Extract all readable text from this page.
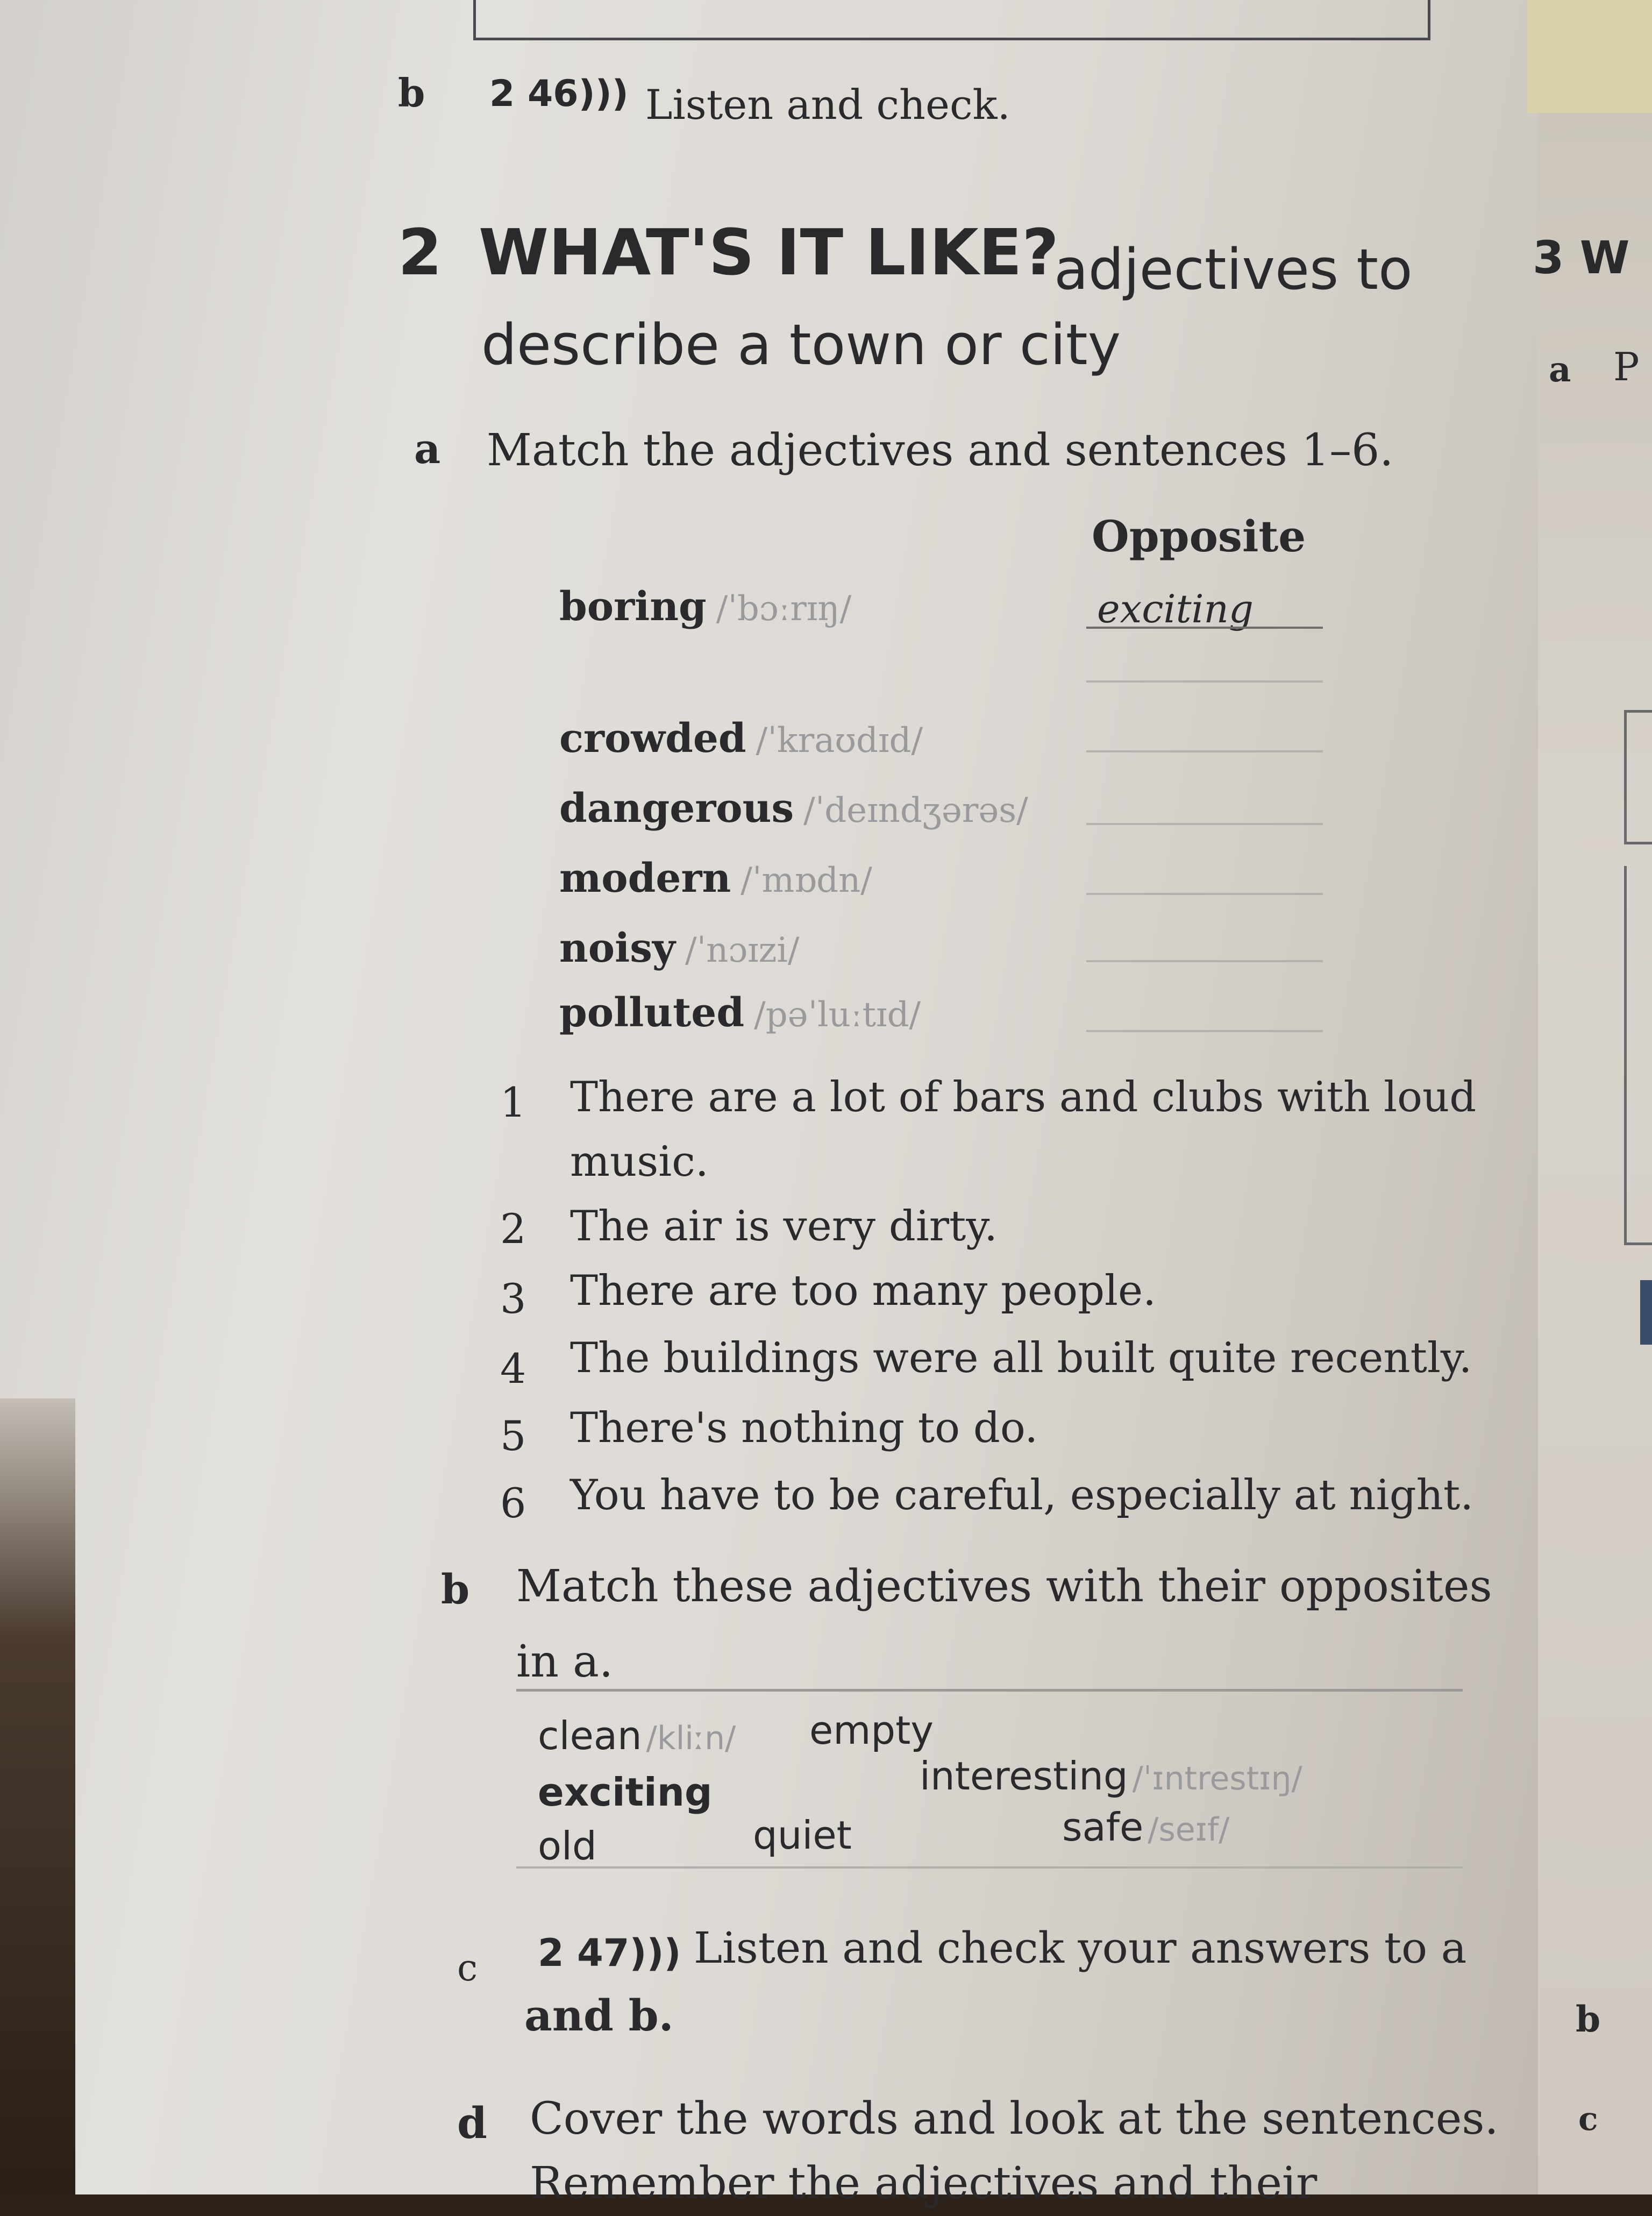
b 2 46))) Listen and check.
2 WHAT'S IT LIKE?
adjectives to
describe a town or city
a Match the adjectives and sentences 1–6.
Opposite
boring /ˈbɔːrɪŋ/	exciting
crowded /ˈkraʊdɪd/
dangerous /ˈdeɪndʒərəs/
modern /ˈmɒdn/
noisy /ˈnɔɪzi/
polluted /pəˈluːtɪd/
1 There are a lot of bars and clubs with loud
music.
2 The air is very dirty.
3 There are too many people.
4 The buildings were all built quite recently.
5 There's nothing to do.
6 You have to be careful, especially at night.
b Match these adjectives with their opposites
in a.
clean /kliːn/ empty
exciting	interesting /ˈɪntrestɪŋ/
old	quiet	safe /seɪf/
c 2 47))) Listen and check your answers to a
and b.
d Cover the words and look at the sentences.
Remember the adjectives and their
3 W
a P
b
c
